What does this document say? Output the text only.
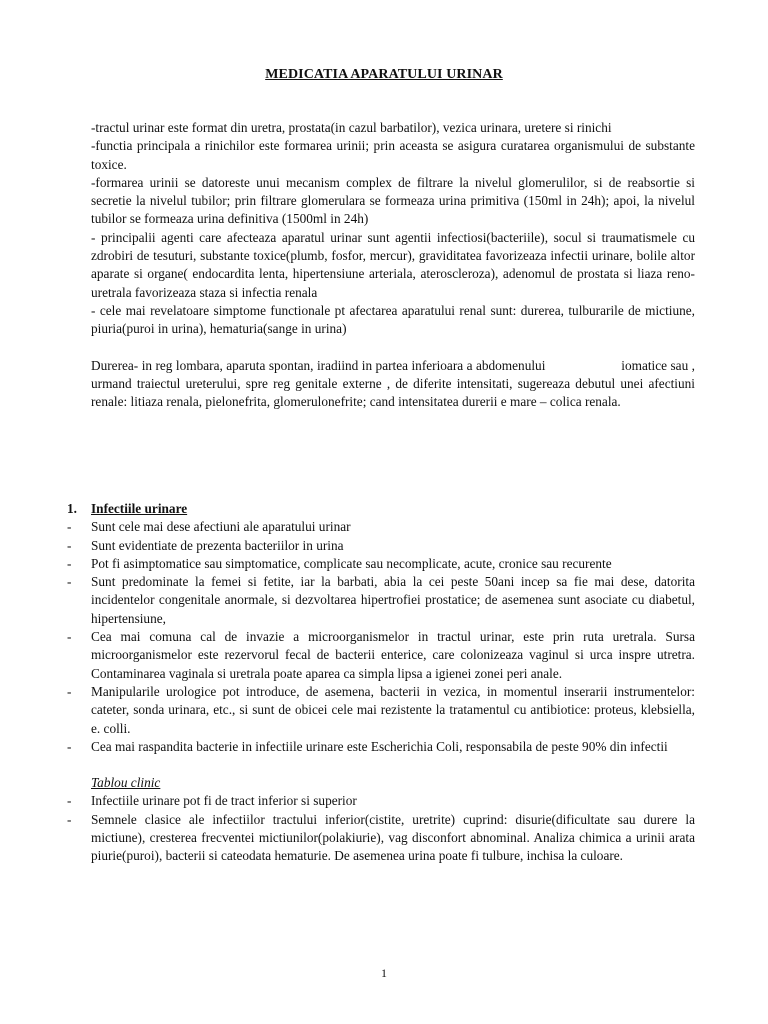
MEDICATIA APARATULUI URINAR

-tractul urinar este format din uretra, prostata(in cazul barbatilor), vezica urinara, uretere si rinichi

-functia principala a rinichilor este formarea urinii; prin aceasta se asigura curatarea organismului de substante toxice.

-formarea urinii se datoreste unui mecanism complex de filtrare la nivelul glomerulilor, si de reabsortie si secretie la nivelul tubilor; prin filtrare glomerulara se formeaza urina primitiva (150ml in 24h); apoi, la nivelul tubilor se formeaza urina definitiva (1500ml in 24h)

- principalii agenti care afecteaza aparatul urinar sunt agentii infectiosi(bacteriile), socul si traumatismele cu zdrobiri de tesuturi, substante toxice(plumb, fosfor, mercur), graviditatea favorizeaza infectii urinare, bolile altor aparate si organe( endocardita lenta, hipertensiune arteriala, ateroscleroza), adenomul de prostata si liaza reno-uretrala favorizeaza staza si infectia renala

- cele mai revelatoare simptome functionale pt afectarea aparatului renal sunt: durerea, tulburarile de mictiune, piuria(puroi in urina), hematuria(sange in urina)

Durerea- in reg lombara, aparuta spontan, iradiind in partea inferioara a abdomenului                      iomatice sau , urmand traiectul ureterului, spre reg genitale externe , de diferite intensitati, sugereaza debutul unei afectiuni renale: litiaza renala, pielonefrita, glomerulonefrite; cand intensitatea durerii e mare – colica renala.

1.	Infectiile urinare
-	Sunt cele mai dese afectiuni ale aparatului urinar

-	Sunt evidentiate de prezenta bacteriilor in urina

-	Pot fi asimptomatice sau simptomatice, complicate sau necomplicate, acute, cronice sau recurente

-	Sunt predominate la femei si fetite, iar la barbati, abia la cei peste 50ani incep sa fie mai dese, datorita incidentelor congenitale anormale, si dezvoltarea hipertrofiei prostatice; de asemenea sunt asociate cu diabetul, hipertensiune,

-	Cea mai comuna cal de invazie a microorganismelor in tractul urinar, este prin ruta uretrala. Sursa microorganismelor este rezervorul fecal de bacterii enterice, care colonizeaza vaginul si urca inspre utretra. Contaminarea vaginala si uretrala poate aparea ca simpla lipsa a igienei zonei peri anale.

-	Manipularile urologice pot introduce, de asemena, bacterii in vezica, in momentul inserarii instrumentelor: cateter, sonda urinara, etc., si sunt de obicei cele mai rezistente la tratamentul cu antibiotice: proteus, klebsiella, e. colli.

-	Cea mai raspandita bacterie in infectiile urinare este Escherichia Coli, responsabila de peste 90% din infectii

Tablou clinic
-	Infectiile urinare pot fi de tract inferior si superior

-	Semnele clasice ale infectiilor tractului inferior(cistite, uretrite) cuprind: disurie(dificultate sau durere la mictiune), cresterea frecventei mictiunilor(polakiurie), vag disconfort abnominal. Analiza chimica a urinii arata piurie(puroi), bacterii si cateodata hematurie. De asemenea urina poate fi tulbure, inchisa la culoare.

1
